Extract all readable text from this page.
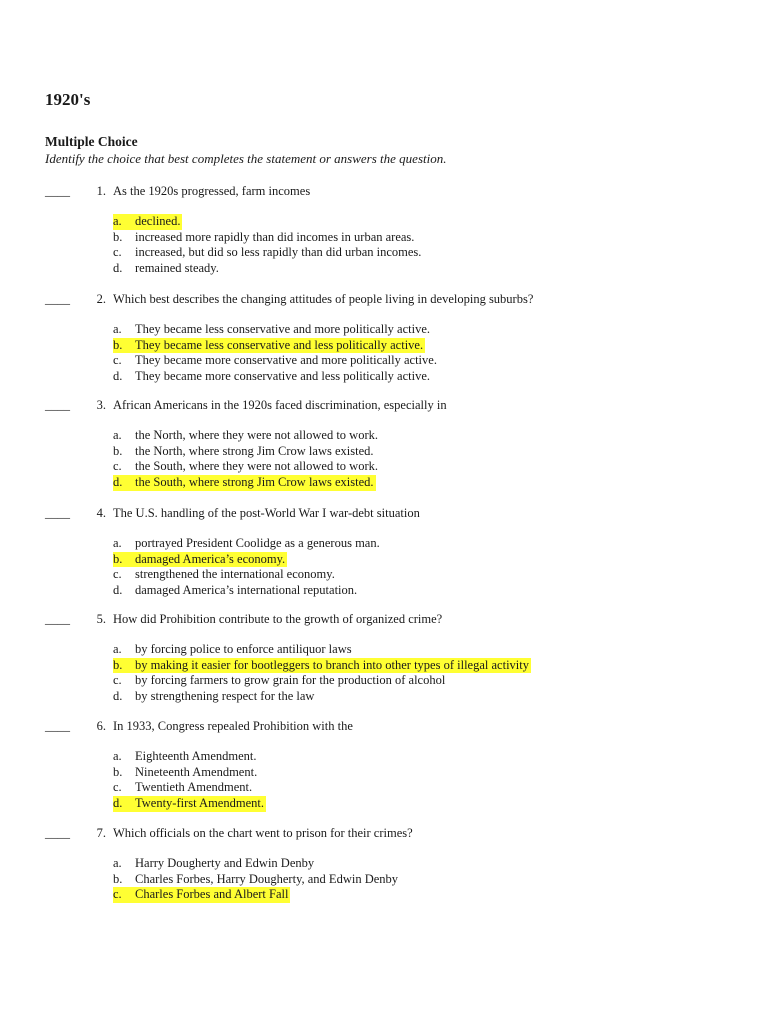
1920's
Multiple Choice

Identify the choice that best completes the statement or answers the question.

____	1. As the 1920s progressed, farm incomes
a. declined.
b. increased more rapidly than did incomes in urban areas.
c. increased, but did so less rapidly than did urban incomes.
d. remained steady.
____	2. Which best describes the changing attitudes of people living in developing suburbs?
a. They became less conservative and more politically active.
b. They became less conservative and less politically active.
c. They became more conservative and more politically active.
d. They became more conservative and less politically active.
____	3. African Americans in the 1920s faced discrimination, especially in
a. the North, where they were not allowed to work.
b. the North, where strong Jim Crow laws existed.
c. the South, where they were not allowed to work.
d. the South, where strong Jim Crow laws existed.
____	4. The U.S. handling of the post-World War I war-debt situation
a. portrayed President Coolidge as a generous man.
b. damaged America’s economy.
c. strengthened the international economy.
d. damaged America’s international reputation.
____	5. How did Prohibition contribute to the growth of organized crime?
a. by forcing police to enforce antiliquor laws
b. by making it easier for bootleggers to branch into other types of illegal activity
c. by forcing farmers to grow grain for the production of alcohol
d. by strengthening respect for the law
____	6. In 1933, Congress repealed Prohibition with the
a. Eighteenth Amendment.
b. Nineteenth Amendment.
c. Twentieth Amendment.
d. Twenty-first Amendment.
____	7. Which officials on the chart went to prison for their crimes?
a. Harry Dougherty and Edwin Denby
b. Charles Forbes, Harry Dougherty, and Edwin Denby
c. Charles Forbes and Albert Fall
